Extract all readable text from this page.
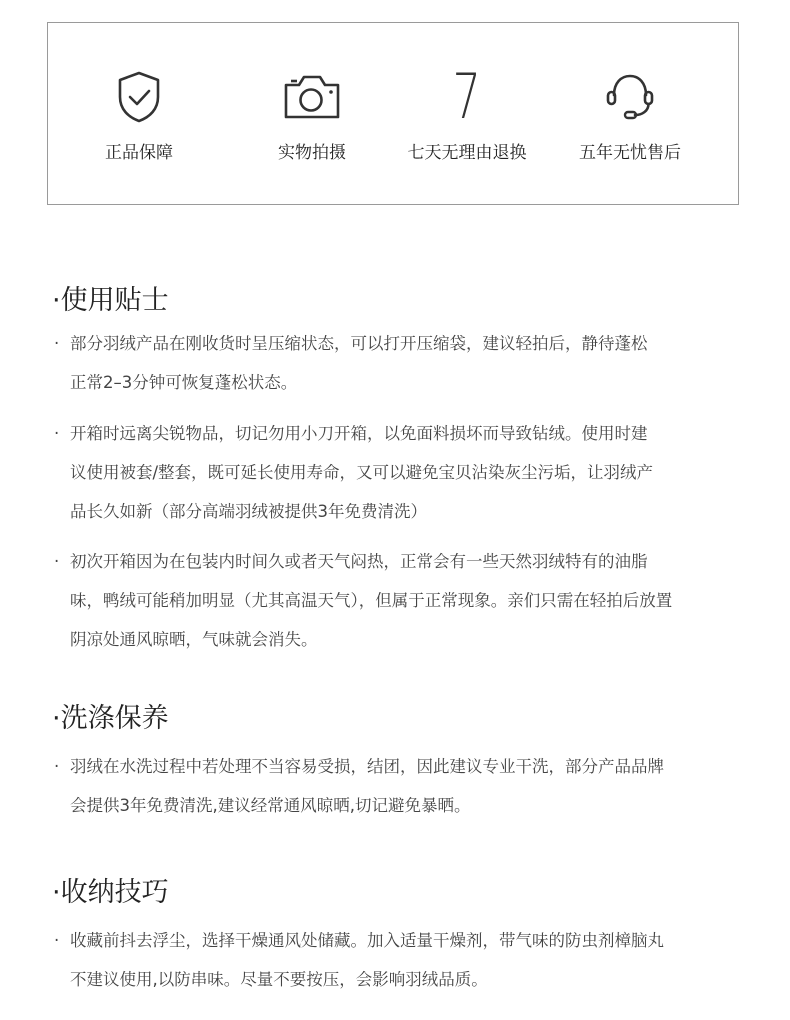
正品保障	实物拍摄
7
七天无理由退换	五年无忧售后
·使用贴士
· 部分羽绒产品在刚收货时呈压缩状态，可以打开压缩袋，建议轻拍后，静待蓬松
正常2–3分钟可恢复蓬松状态。
· 开箱时远离尖锐物品，切记勿用小刀开箱，以免面料损坏而导致钻绒。使用时建
议使用被套/整套，既可延长使用寿命，又可以避免宝贝沾染灰尘污垢，让羽绒产
品长久如新（部分高端羽绒被提供3年免费清洗）
· 初次开箱因为在包装内时间久或者天气闷热，正常会有一些天然羽绒特有的油脂
味，鸭绒可能稍加明显（尤其高温天气），但属于正常现象。亲们只需在轻拍后放置
阴凉处通风晾晒，气味就会消失。
·洗涤保养
· 羽绒在水洗过程中若处理不当容易受损，结团，因此建议专业干洗，部分产品品牌
会提供3年免费清洗,建议经常通风晾晒,切记避免暴晒。
·收纳技巧
· 收藏前抖去浮尘，选择干燥通风处储藏。加入适量干燥剂，带气味的防虫剂樟脑丸
不建议使用,以防串味。尽量不要按压，会影响羽绒品质。
